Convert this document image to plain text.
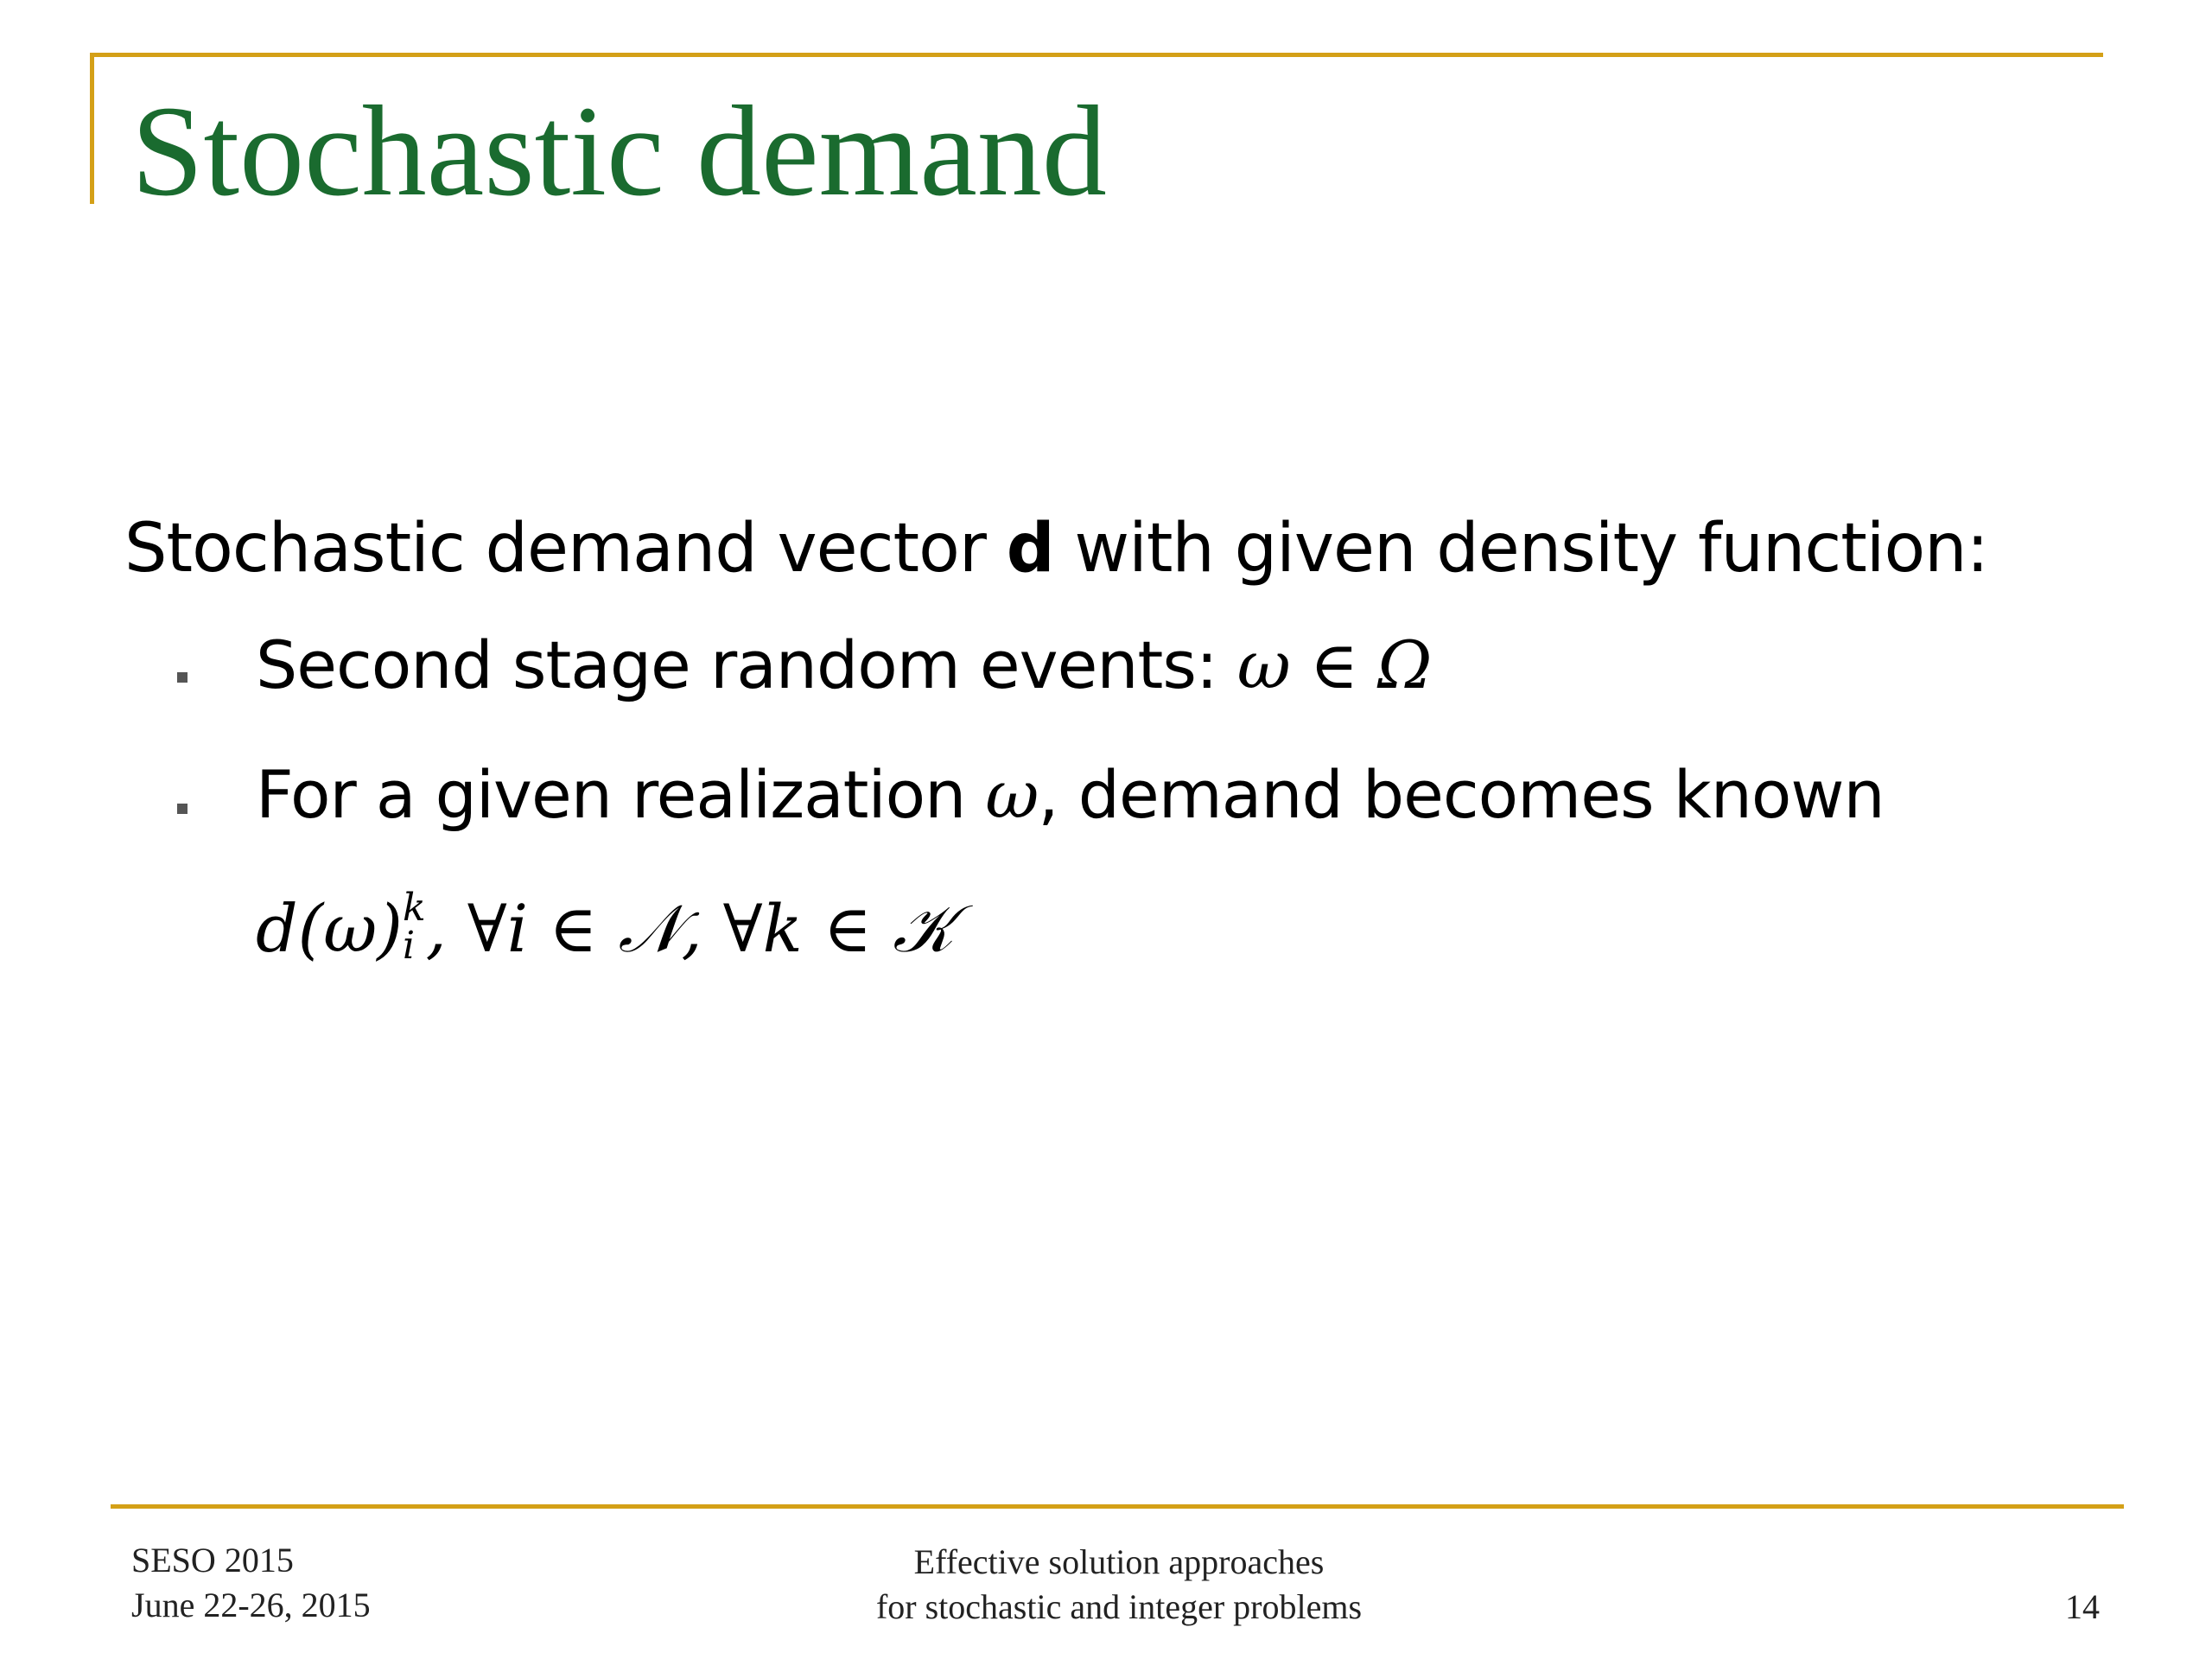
Stochastic demand
Stochastic demand vector d with given density function:
Second stage random events: ω ∈ Ω
For a given realization ω, demand becomes known
d(ω) k
i , ∀i ∈ 𝒩, ∀k ∈ 𝒦
SESO 2015
June 22-26, 2015
Effective solution approaches
for stochastic and integer problems	14
